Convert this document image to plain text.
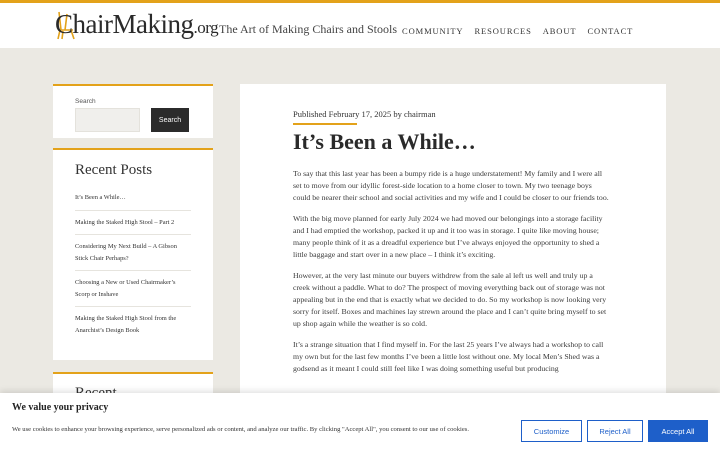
ChairMaking.org The Art of Making Chairs and Stools COMMUNITY RESOURCES ABOUT CONTACT
Search
Search
Recent Posts
It’s Been a While…
Making the Staked High Stool – Part 2
Considering My Next Build – A Gibson Stick Chair Perhaps?
Choosing a New or Used Chairmaker’s Scorp or Inshave
Making the Staked High Stool from the Anarchist’s Design Book
Published February 17, 2025 by chairman
It’s Been a While…

To say that this last year has been a bumpy ride is a huge understatement! My family and I were all set to move from our idyllic forest-side location to a home closer to town. My two teenage boys could be nearer their school and social activities and my wife and I could be closer to our friends too.

With the big move planned for early July 2024 we had moved our belongings into a storage facility and I had emptied the workshop, packed it up and it too was in storage. I quite like moving house; many people think of it as a dreadful experience but I’ve always enjoyed the opportunity to shed a little baggage and start over in a new place – I think it’s exciting.

However, at the very last minute our buyers withdrew from the sale al left us well and truly up a creek without a paddle. What to do? The prospect of moving everything back out of storage was not appealing but in the end that is exactly what we decided to do. So my workshop is now looking very sorry for itself. Boxes and machines lay strewn around the place and I can’t quite bring myself to set up shop again while the weather is so cold.

It’s a strange situation that I find myself in. For the last 25 years I’ve always had a workshop to call my own but for the last few months I’ve been a little lost without one. My local Men’s Shed was a godsend as it meant I could still feel like I was doing something useful but producing

We value your privacy
We use cookies to enhance your browsing experience, serve personalized ads or content, and analyze our traffic. By clicking "Accept All", you consent to our use of cookies.	Customize	Reject All	Accept All
